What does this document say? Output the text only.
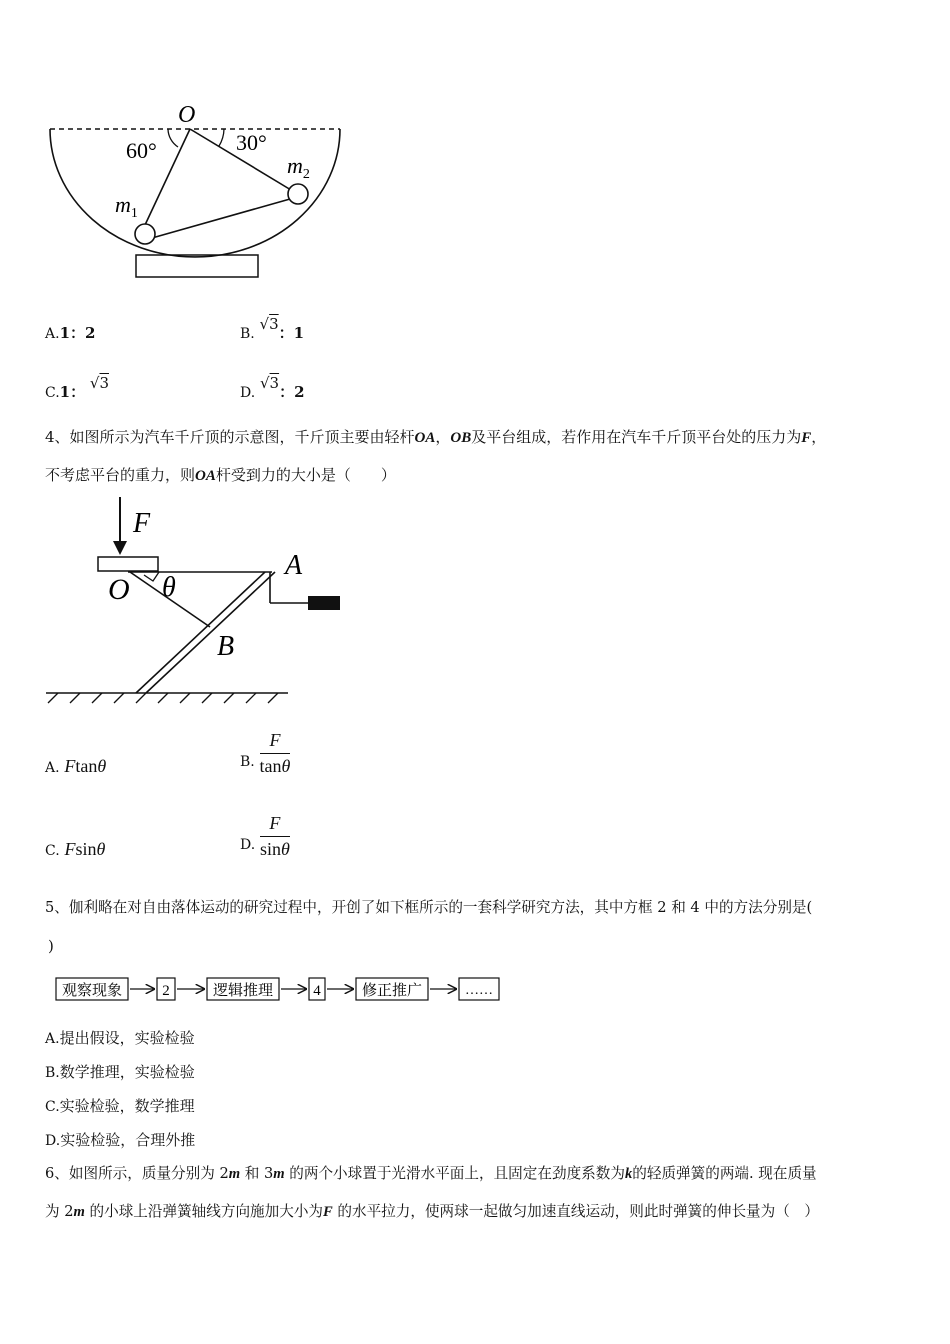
O
60°	30°
$m_2$
$m_1$
A.1：2	B. √3：1
C.1： √3
D. √3：2
4、如图所示为汽车千斤顶的示意图，千斤顶主要由轻杆OA，OB及平台组成，若作用在汽车千斤顶平台处的压力为F，
不考虑平台的重力，则OA杆受到力的大小是（　　）
F
O θ
A
B
A. Ftanθ	B. $\frac{F}{\tan\theta}$
C. Fsinθ	D. $\frac{F}{\sin\theta}$
5、伽利略在对自由落体运动的研究过程中，开创了如下框所示的一套科学研究方法，其中方框 2 和 4 中的方法分别是(
)
观察现象	2	逻辑推理	4	修正推广	……
A.提出假设，实验检验
B.数学推理，实验检验
C.实验检验，数学推理
D.实验检验，合理外推
6、如图所示，质量分别为 2m 和 3m 的两个小球置于光滑水平面上，且固定在劲度系数为k的轻质弹簧的两端. 现在质量
为 2m 的小球上沿弹簧轴线方向施加大小为F 的水平拉力，使两球一起做匀加速直线运动，则此时弹簧的伸长量为（　）
